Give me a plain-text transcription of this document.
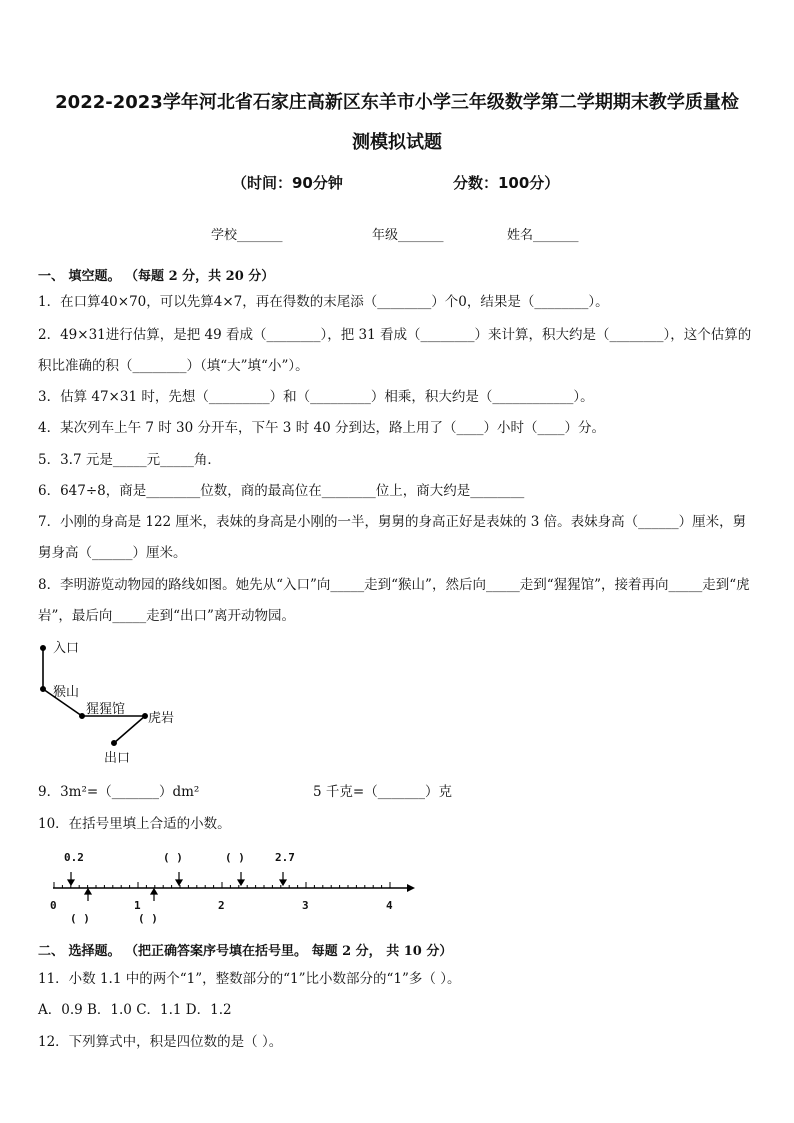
2022-2023学年河北省石家庄高新区东羊市小学三年级数学第二学期期末教学质量检
测模拟试题
（时间：90分钟	分数：100分）
学校_______	年级_______	姓名_______
一、 填空题。 （每题 2 分，共 20 分）
1．在口算40×70，可以先算4×7，再在得数的末尾添（________）个0，结果是（________）。
2．49×31进行估算，是把 49 看成（________），把 31 看成（________）来计算，积大约是（________），这个估算的
积比准确的积（________）（填“大”填“小”）。
3．估算 47×31 时，先想（_________）和（_________）相乘，积大约是（____________）。
4．某次列车上午 7 时 30 分开车，下午 3 时 40 分到达，路上用了（____）小时（____）分。
5．3.7 元是_____元_____角．
6．647÷8，商是________位数，商的最高位在________位上，商大约是________
7．小刚的身高是 122 厘米，表妹的身高是小刚的一半，舅舅的身高正好是表妹的 3 倍。表妹身高（______）厘米，舅
舅身高（______）厘米。
8．李明游览动物园的路线如图。她先从“入口”向_____走到“猴山”，然后向_____走到“猩猩馆”，接着再向_____走到“虎
岩”，最后向_____走到“出口”离开动物园。
入口
猴山
猩猩馆
虎岩
出口
9．3m²=（_______）dm²	5 千克=（_______）克
10．在括号里填上合适的小数。
0.2	( )	( )	2.7
0	1	2	3	4
( )	( )
二、 选择题。 （把正确答案序号填在括号里。 每题 2 分， 共 10 分）
11．小数 1.1 中的两个“1”，整数部分的“1”比小数部分的“1”多（ ）。
A．0.9 B．1.0 C．1.1 D．1.2
12．下列算式中，积是四位数的是（ ）。
